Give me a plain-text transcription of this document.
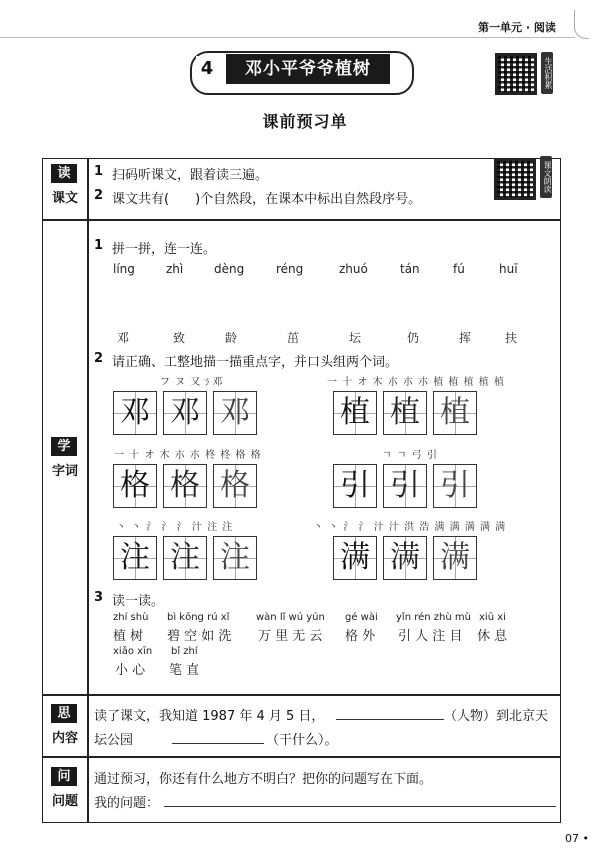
第一单元 · 阅读
4	邓小平爷爷植树	生活积累
课前预习单
读
课文
1 扫码听课文，跟着读三遍。
2 课文共有(　　)个自然段，在课本中标出自然段序号。
课文朗读
学
字词
1 拼一拼，连一连。
líng	zhì	dèng	réng	zhuó	tán	fú	huī
邓	致	龄	茁	坛	仍	挥	扶
2 请正确、工整地描一描重点字，并口头组两个词。
フ ヌ 又ㄋ邓
邓 邓 邓
一 十 オ 木 朩 朩 朩 植 植 植 植 植
植 植 植
一 十 オ 木 朩 朩 柊 柊 格 格
格 格 格
ㄱ ㄱ 弓 引
引 引 引
丶 丶 氵 氵 氵 汁 注 注
注 注 注
丶 丶 氵 氵 汁 汁 洪 浩 满 满 满 满 满
满 满 满
3 读一读。
zhí shù
植 树
bì kōng rú xǐ
碧 空 如 洗
wàn lǐ wú yún
万 里 无 云
gé wài
格 外
yǐn rén zhù mù
引 人 注 目
xiū xi
休 息
xiǎo xīn
小 心
bǐ zhí
笔 直
思
内容
读了课文，我知道 1987 年 4 月 5 日，	（人物）到北京天
坛公园	（干什么）。
问
问题
通过预习，你还有什么地方不明白？把你的问题写在下面。
我的问题：
07 •
